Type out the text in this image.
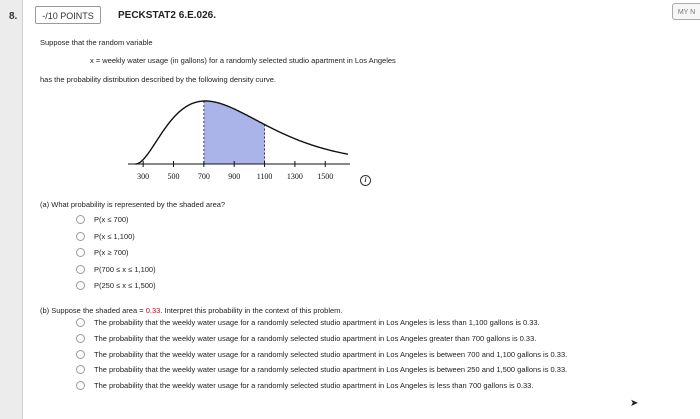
8.	-/10 POINTS	PECKSTAT2 6.E.026.	MY N
Suppose that the random variable
x = weekly water usage (in gallons) for a randomly selected studio apartment in Los Angeles
has the probability distribution described by the following density curve.
300 500 700 900 1100 1300 1500	i
(a) What probability is represented by the shaded area?
P(x ≤ 700)
P(x ≤ 1,100)
P(x ≥ 700)
P(700 ≤ x ≤ 1,100)
P(250 ≤ x ≤ 1,500)
(b) Suppose the shaded area = 0.33. Interpret this probability in the context of this problem.
The probability that the weekly water usage for a randomly selected studio apartment in Los Angeles is less than 1,100 gallons is 0.33.
The probability that the weekly water usage for a randomly selected studio apartment in Los Angeles greater than 700 gallons is 0.33.
The probability that the weekly water usage for a randomly selected studio apartment in Los Angeles is between 700 and 1,100 gallons is 0.33.
The probability that the weekly water usage for a randomly selected studio apartment in Los Angeles is between 250 and 1,500 gallons is 0.33.
The probability that the weekly water usage for a randomly selected studio apartment in Los Angeles is less than 700 gallons is 0.33.
➤
